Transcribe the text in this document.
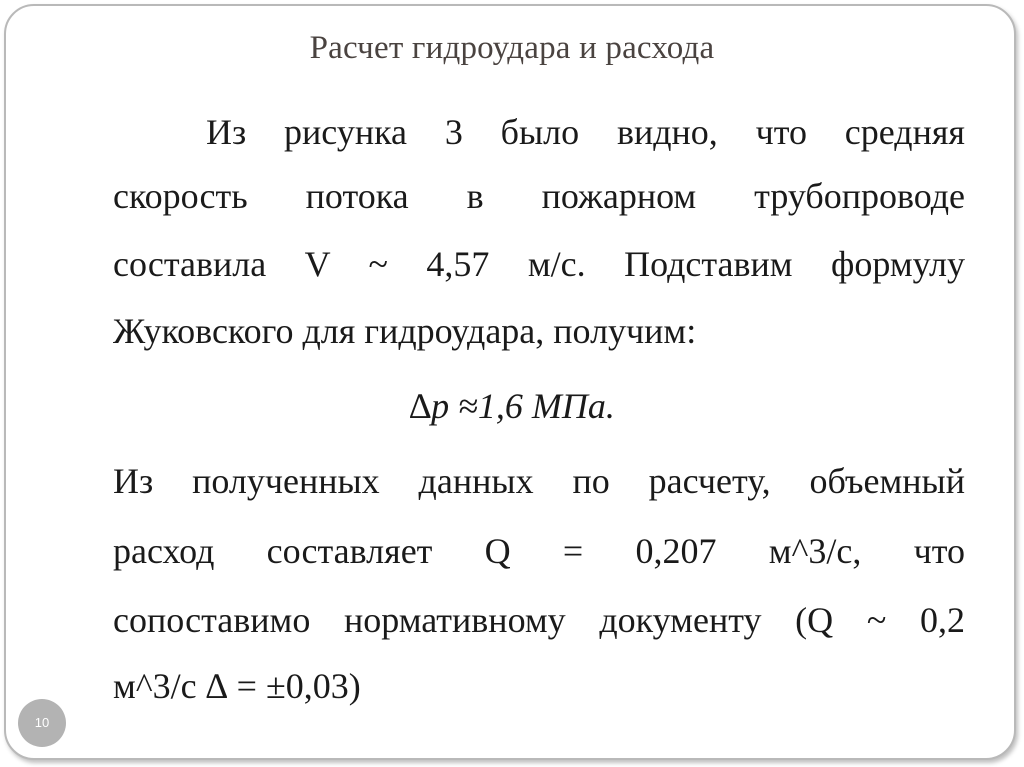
Расчет гидроудара и расхода
Из рисунка 3 было видно, что средняя
скорость потока в пожарном трубопроводе
составила V ~ 4,57 м/с. Подставим формулу
Жуковского для гидроудара, получим:
∆p ≈1,6 МПа.
Из полученных данных по расчету, объемный
расход составляет Q = 0,207 м^3/с, что
сопоставимо нормативному документу (Q ~ 0,2
м^3/с ∆ = ±0,03)
10
